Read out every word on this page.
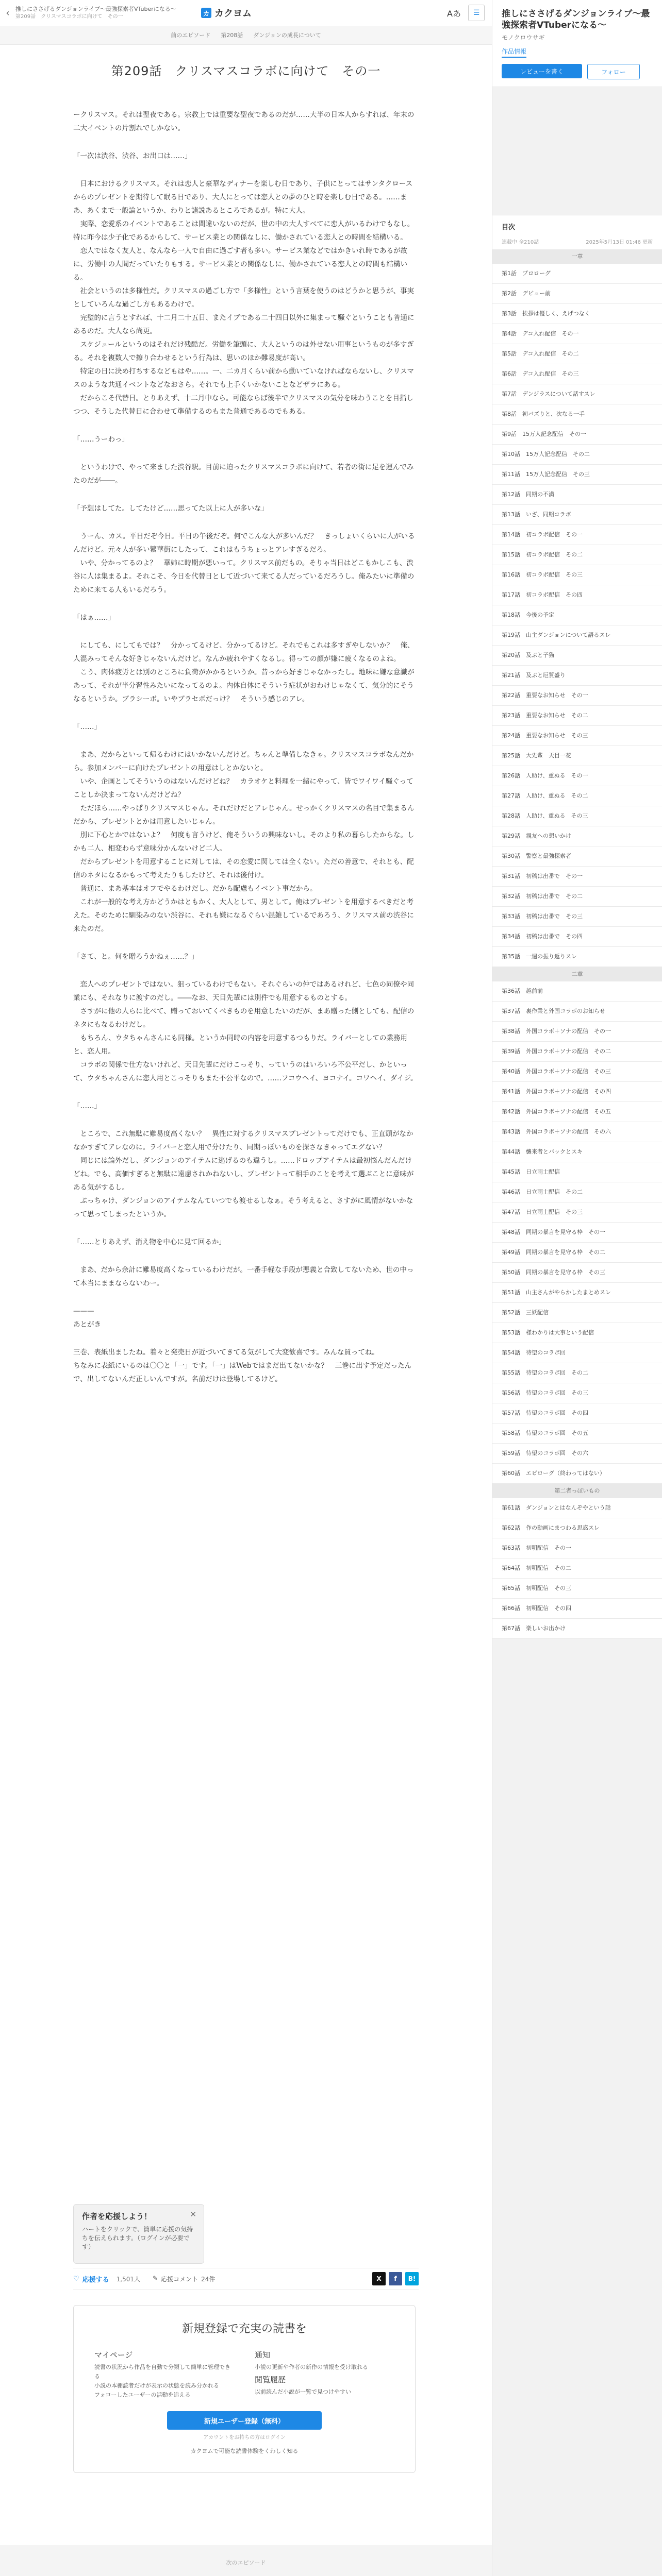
‹	推しにささげるダンジョンライブ〜最強探索者VTuberになる〜
第209話　クリスマスコラボに向けて　その一	カ カクヨム	Aあ	☰
前のエピソード 第208話 ダンジョンの成長について
第209話　クリスマスコラボに向けて　その一

ークリスマス。それは聖夜である。宗教上では重要な聖夜であるのだが……大半の日本人からすれば、年末の二大イベントの片割れでしかない。

「一次は渋谷、渋谷、お出口は……」

　日本におけるクリスマス。それは恋人と豪華なディナーを楽しむ日であり、子供にとってはサンタクロースからのプレゼントを期待して眠る日であり、大人にとっては恋人との夢のひと時を楽しむ日である。……まあ、あくまで一般論というか、わりと諸説あるところであるが。特に大人。
　実際、恋愛系のイベントであることは間違いないのだが、世の中の大人すべてに恋人がいるわけでもなし。特に昨今は少子化であるからして、サービス業との関係なしに、働かされている恋人との時間を結構いる。
　恋人ではなく友人と、なんなら一人で自由に過ごす者も多い。サービス業などではかきいれ時であるが故に、労働中の人間だっていたりもする。サービス業との関係なしに、働かされている恋人との時間も結構いる。
　社会というのは多様性だ。クリスマスの過ごし方で「多様性」という言葉を使うのはどうかと思うが、事実としていろんな過ごし方もあるわけで。
　完璧的に言うとすれば、十二月二十五日、またイブである二十四日以外に集まって騒ぐということも普通にあるのだ。大人なら尚更。
　スケジュールというのはそれだけ残酷だ。労働を筆頭に、大人というのは外せない用事というものが多すぎる。それを複数人で擦り合わせるという行為は、思いのほか難易度が高い。
　特定の日に決め打ちするなどもはや……。一、二カ月くらい前から動いていなければならないし、クリスマスのような共通イベントなどなおさら。それでも上手くいかないことなどザラにある。
　だからこそ代替日。とりあえず、十二月中なら。可能ならば後半でクリスマスの気分を味わうことを目指しつつ、そうした代替日に合わせて準備するのもまた普通であるのでもある。

「……うーわっ」

　というわけで、やって来ました渋谷駅。目前に迫ったクリスマスコラボに向けて、若者の街に足を運んでみたのだが――。

「予想はしてた。してたけど……思ってた以上に人が多いな」

　うーん、カス。平日だぞ今日。平日の午後だぞ。何でこんな人が多いんだ？　きっしょいくらいに人がいるんだけど。元々人が多い繁華街にしたって、これはもうちょっとアレすぎるだろ。
　いや、分かってるのよ？　華姉に時期が悪いって。クリスマス前だもの。そりゃ当日はどこもかしこも、渋谷に人は集まるよ。それこそ、今日を代替日として近づいて来てる人だっているだろうし。俺みたいに準備のために来てる人もいるだろう。

「はぁ……」

　にしても、にしてもでは？　分かってるけど、分かってるけど。それでもこれは多すぎやしないか？　俺、人混みってそんな好きじゃないんだけど。なんか疲れやすくなるし。得っての顔が嫌に疲くなるのよね。
　こう、肉体疲労とは別のところに負荷がかかるというか。昔っから好きじゃなかったし。地味に嫌な意識があって、それが半分習性みたいになってるのよ。内体自体にそういう症状がおわけじゃなくて、気分的にそうなるというか。ブラシーボ。いやブラセボだっけ？　そういう感じのアレ。

「……」

　まあ、だからといって帰るわけにはいかないんだけど。ちゃんと準備しなきゃ。クリスマスコラボなんだから。参加メンバーに向けたプレゼントの用意はしとかないと。
　いや、企画としてそういうのはないんだけどね？　カラオケと料理を一緒にやって、皆でワイワイ騒ぐってことしか決まってないんだけどね？
　ただほら……やっぱりクリスマスじゃん。それだけだとアレじゃん。せっかくクリスマスの名目で集まるんだから、プレゼントとかは用意したいじゃん。
　別に下心とかではないよ？　何度も言うけど、俺そういうの興味ないし。そのより私の暮らしたからな。しかも二人、相変わらず意味分かんないけど二人。
　だからプレゼントを用意することに対しては、その恋愛に関しては全くない。ただの善意で、それとも、配信のネタになるかもって考えたりもしたけど、それは後付け。
　普通に、まあ基本はオフでやるわけだし。だから配慮もイベント事だから。
　これが一般的な考え方かどうかはともかく、大人として、男として。俺はプレゼントを用意するべきだと考えた。そのために馴染みのない渋谷に、それも嫌になるぐらい混雑しているであろう、クリスマス前の渋谷に来たのだ。

「さて、と。何を贈ろうかねぇ……？」

　恋人へのプレゼントではない。狙っているわけでもない。それぐらいの仲ではあるけれど、七色の同僚や同業にも、それなりに渡すのだし。――なお、天目先輩には別件でも用意するものとする。
　さすがに他の人らに比べて、贈っておいてくべきものを用意したいのだが、まあ贈った側としても、配信のネタにもなるわけだし。
　もちろん、ウタちゃんさんにも同様。というか同時の内容を用意するつもりだ。ライバーとしての業務用と、恋人用。
　コラボの関係で仕方ないけれど、天目先輩にだけこっそり、っていうのはいろいろ不公平だし、かといって、ウタちゃんさんに恋人用とこっそりもまた不公平なので。……フコウヘイ、ヨコナイ。コワヘイ、ダイジ。

「……」

　ところで、これ無駄に難易度高くない？　異性に対するクリスマスプレゼントってだけでも、正直頭がなかなかすぎてアレなのに。ライバーと恋人用で分けたり、同期っぽいものを探さなきゃってエグない？
　同じには論外だし、ダンジョンのアイテムに逃げるのも違うし。……ドロップアイテムは最初悩んだんだけどね。でも、高価すぎると無駄に遠慮されかねないし、プレゼントって相手のことを考えて選ぶことに意味がある気がするし。
　ぶっちゃけ、ダンジョンのアイテムなんていつでも渡せるしなぁ。そう考えると、さすがに風情がないかなって思ってしまったというか。

「……とりあえず、消え物を中心に見て回るか」

　まあ、だから余計に難易度高くなっているわけだが。一番手軽な手段が悪義と合致してないため、世の中って本当にままならないわー。

———
あとがき

三巻、表紙出ましたね。着々と発売日が近づいてきてる気がして大変歓喜です。みんな買ってね。
ちなみに表紙にいるのは〇〇と「一」です。「一」はWebではまだ出てないかな？　三巻に出す予定だったんで、出してないんだ正しいんですが。名前だけは登場してるけど。

作者を応援しよう！
ハートをクリックで、簡単に応援の気持ちを伝えられます。（ログインが必要です）
✕
♡ 応援する 1,501人 ✎ 応援コメント 24件	X	f	B!
新規登録で充実の読書を
マイページ
読書の状況から作品を自動で分類して簡単に管理できる
小説の本棚読者だけが表示の状態を読み分かれる
フォローしたユーザーの活動を追える
通知
小説の更新や作者の新作の情報を受け取れる
閲覧履歴
以前読んだ小説が一覧で見つけやすい
新規ユーザー登録（無料）
アカウントをお持ちの方はログイン
カクヨムで可能な読書体験をくわしく知る
次のエピソード
推しにささげるダンジョンライブ〜最強探索者VTuberになる〜
モノクロウサギ
作品情報
レビューを書く	フォロー
目次
連載中 全210話	2025年5月13日 01:46 更新
一章
第1話　プロローグ
第2話　デビュー前
第3話　挨拶は優しく、えげつなく
第4話　デコ入れ配信　その一
第5話　デコ入れ配信　その二
第6話　デコ入れ配信　その三
第7話　デンジラスについて話すスレ
第8話　初バズりと、次なる一手
第9話　15万人記念配信　その一
第10話　15万人記念配信　その二
第11話　15万人記念配信　その三
第12話　同期の不満
第13話　いざ、同期コラボ
第14話　初コラボ配信　その一
第15話　初コラボ配信　その二
第16話　初コラボ配信　その三
第17話　初コラボ配信　その四
第18話　今後の予定
第19話　山主ダンジョンについて語るスレ
第20話　及ぶと子猫
第21話　及ぶと厄質盛り
第22話　重要なお知らせ　その一
第23話　重要なお知らせ　その二
第24話　重要なお知らせ　その三
第25話　大先輩　天目一花
第26話　人助け、重ぬる　その一
第27話　人助け、重ぬる　その二
第28話　人助け、重ぬる　その三
第29話　親友への想いかけ
第30話　警察と最強探索者
第31話　初稿は出番で　その一
第32話　初稿は出番で　その二
第33話　初稿は出番で　その三
第34話　初稿は出番で　その四
第35話　一週の振り返りスレ
二章
第36話　越前前
第37話　裏作業と外国コラボのお知らせ
第38話　外国コラボ＋ソナの配信　その一
第39話　外国コラボ＋ソナの配信　その二
第40話　外国コラボ＋ソナの配信　その三
第41話　外国コラボ＋ソナの配信　その四
第42話　外国コラボ＋ソナの配信　その五
第43話　外国コラボ＋ソナの配信　その六
第44話　襲来者とバックとスキ
第45話　日立雨士配信
第46話　日立雨士配信　その二
第47話　日立雨士配信　その三
第48話　同期の暴言を見守る枠　その一
第49話　同期の暴言を見守る枠　その二
第50話　同期の暴言を見守る枠　その三
第51話　山主さんがやらかしたまとめスレ
第52話　三妖配信
第53話　様わかりは大事という配信
第54話　待望のコラボ回
第55話　待望のコラボ回　その二
第56話　待望のコラボ回　その三
第57話　待望のコラボ回　その四
第58話　待望のコラボ回　その五
第59話　待望のコラボ回　その六
第60話　エピローグ（終わってはない）
第二者っぽいもの
第61話　ダンジョンとはなんぞやという話
第62話　作の動画にまつわる思惑スレ
第63話　初明配信　その一
第64話　初明配信　その二
第65話　初明配信　その三
第66話　初明配信　その四
第67話　楽しいお出かけ
